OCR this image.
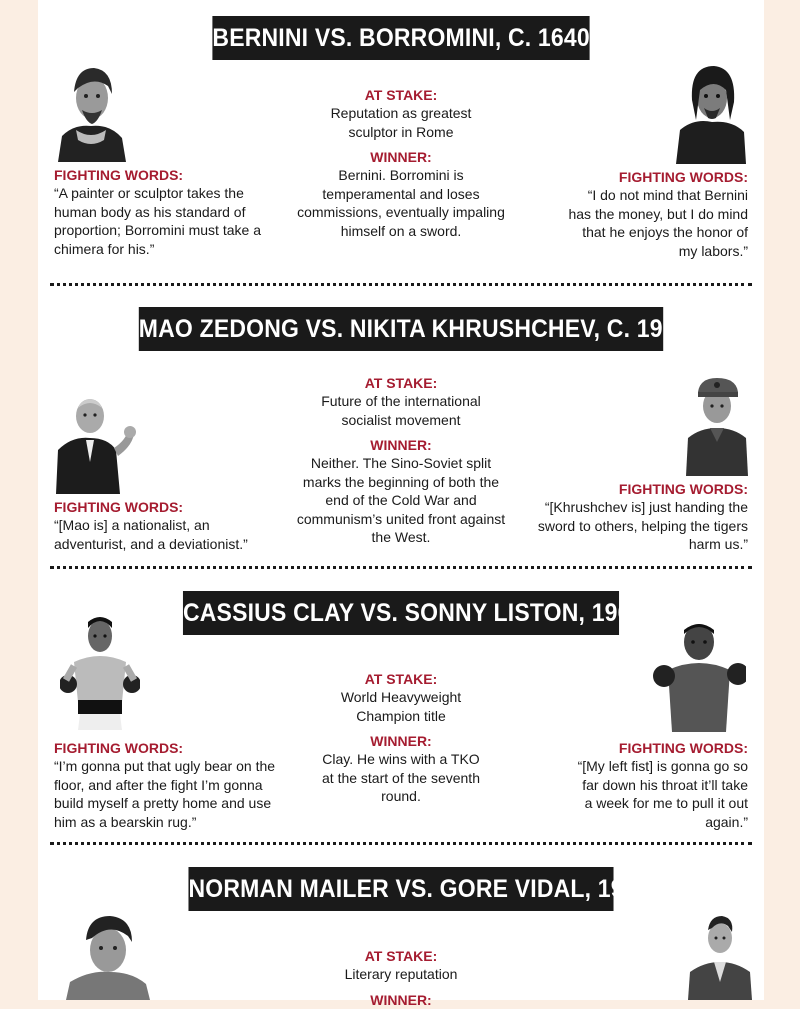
BERNINI VS. BORROMINI, C. 1640
FIGHTING WORDS:
“A painter or sculptor takes the human body as his standard of proportion; Borromini must take a chimera for his.”
AT STAKE:
Reputation as greatest sculptor in Rome
WINNER:
Bernini. Borromini is temperamental and loses commissions, eventually impaling himself on a sword.
FIGHTING WORDS:
“I do not mind that Bernini has the money, but I do mind that he enjoys the honor of my labors.”
MAO ZEDONG VS. NIKITA KHRUSHCHEV, C. 1960
FIGHTING WORDS:
“[Mao is] a nationalist, an adventurist, and a deviationist.”
AT STAKE:
Future of the international socialist movement
WINNER:
Neither. The Sino-Soviet split marks the beginning of both the end of the Cold War and communism’s united front against the West.
FIGHTING WORDS:
“[Khrushchev is] just handing the sword to others, helping the tigers harm us.”
CASSIUS CLAY VS. SONNY LISTON, 1964
FIGHTING WORDS:
“I’m gonna put that ugly bear on the floor, and after the fight I’m gonna build myself a pretty home and use him as a bearskin rug.”
AT STAKE:
World Heavyweight Champion title
WINNER:
Clay. He wins with a TKO at the start of the seventh round.
FIGHTING WORDS:
“[My left fist] is gonna go so far down his throat it’ll take a week for me to pull it out again.”
NORMAN MAILER VS. GORE VIDAL, 1978
AT STAKE:
Literary reputation
WINNER:
